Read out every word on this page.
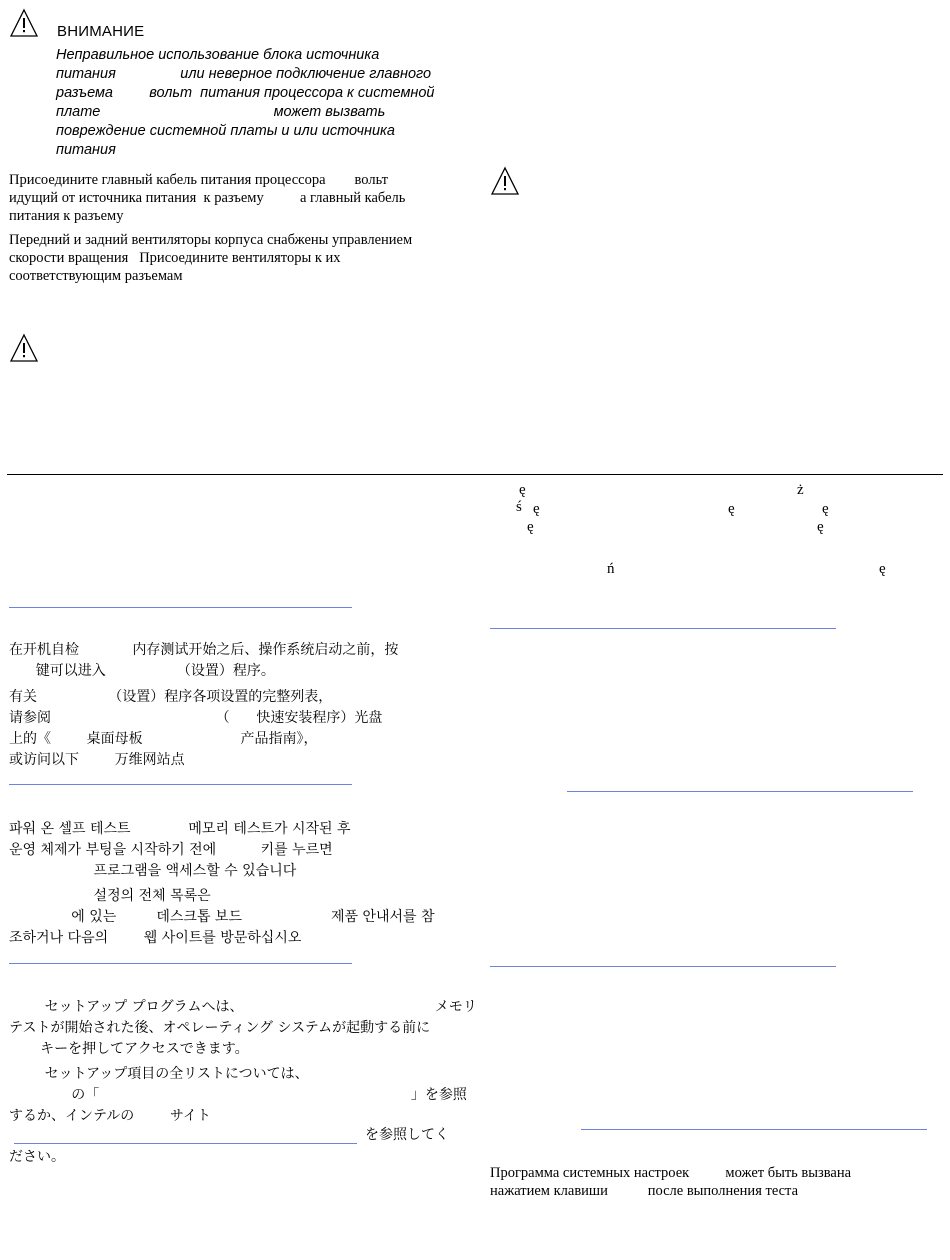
ВНИМАНИЕ
Неправильное использование блока источника
питания                или неверное подключение главного
разъема         вольт  питания процессора к системной
плате                                           может вызвать
повреждение системной платы и или источника
питания
Присоедините главный кабель питания процессора        вольт
идущий от источника питания  к разъему          а главный кабель
питания к разъему
Передний и задний вентиляторы корпуса снабжены управлением
скорости вращения   Присоедините вентиляторы к их
соответствующим разъемам
ę	ż
ś ę	ę	ę
ę	ę
ń	ę
在开机自检            内存测试开始之后、操作系统启动之前，按
键可以进入                （设置）程序。
有关                （设置）程序各项设置的完整列表，
请参阅                                     （      快速安装程序）光盘
上的《        桌面母板                      产品指南》，
或访问以下        万维网站点
파워 온 셀프 테스트             메모리 테스트가 시작된 후
운영 체제가 부팅을 시작하기 전에          키를 누르면
프로그램을 액세스할 수 있습니다
설정의 전체 목록은
에 있는         데스크톱 보드                    제품 안내서를 참
조하거나 다음의        웹 사이트를 방문하십시오
セットアップ プログラムへは、                                           メモリ
テストが開始された後、オペレーティング システムが起動する前に
キーを押してアクセスできます。
セットアップ項目の全リストについては、
の「                                                                      」を参照
するか、インテルの        サイト
を参照してく
ださい。
Программа системных настроек          может быть вызвана
нажатием клавиши           после выполнения теста
